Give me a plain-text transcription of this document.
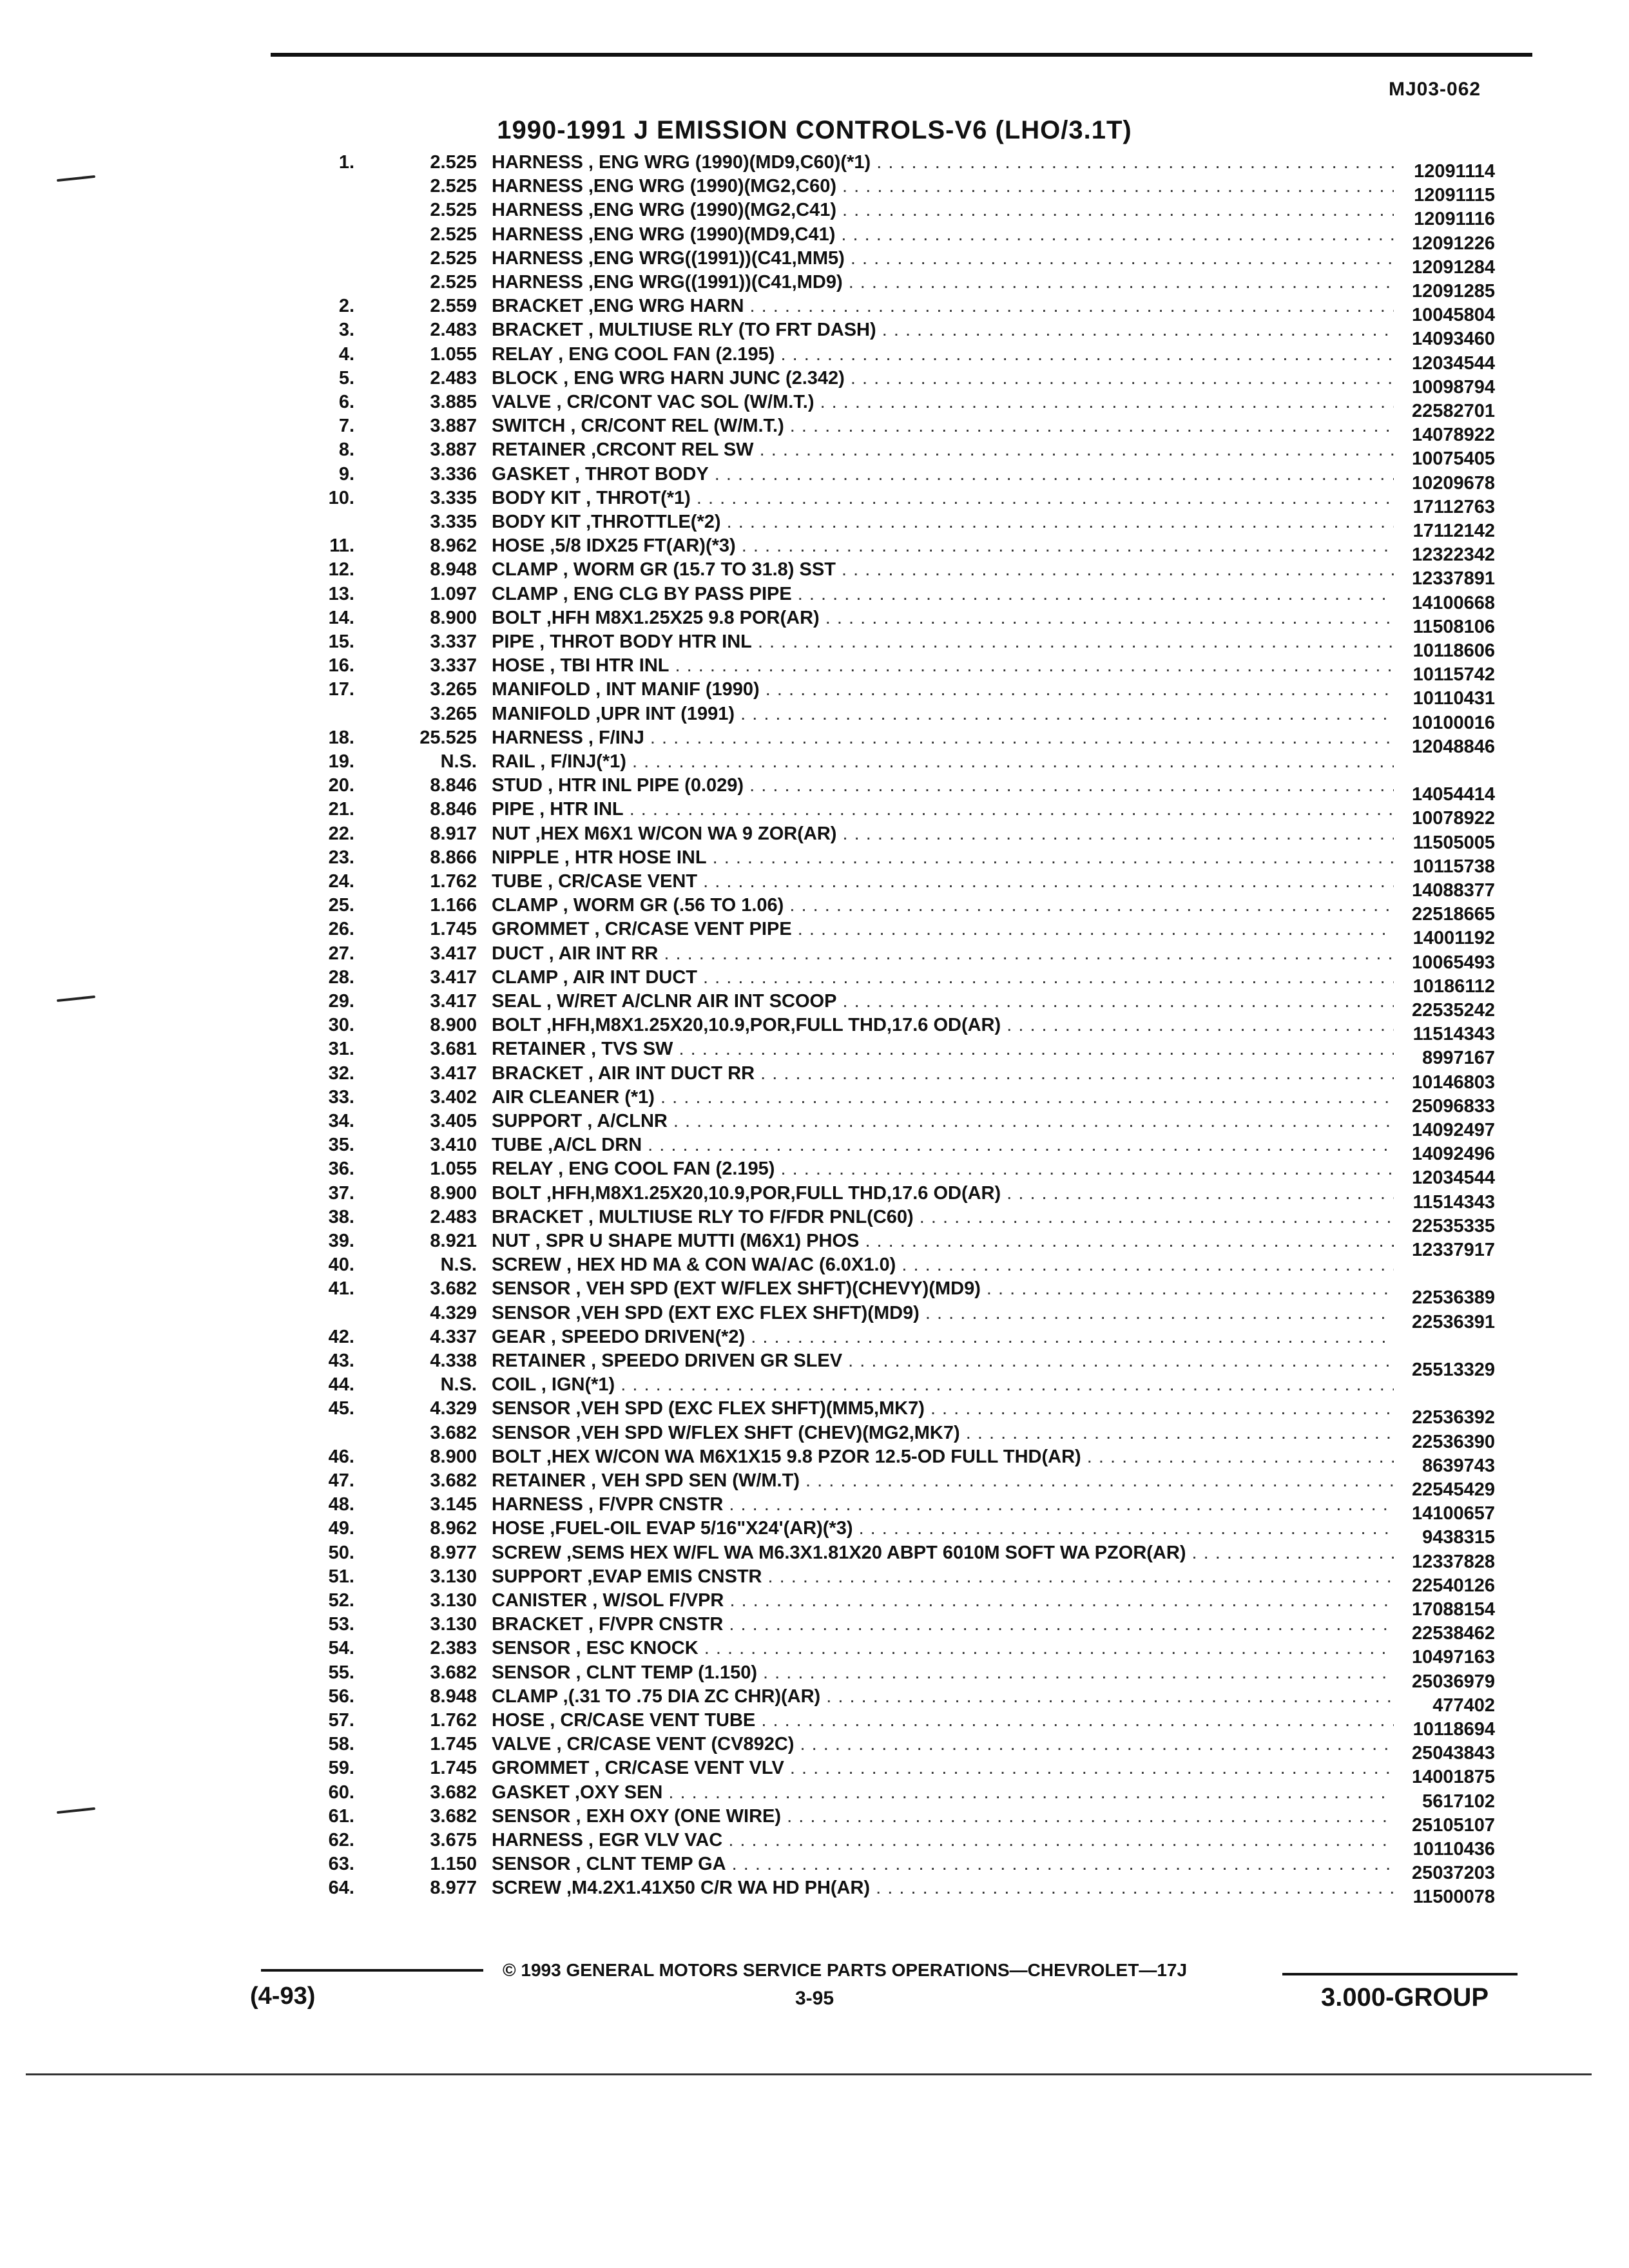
MJ03-062
1990-1991 J EMISSION CONTROLS-V6 (LHO/3.1T)
1.	2.525 HARNESS , ENG WRG (1990)(MD9,C60)(*1) . . .	12091114
2.525 HARNESS ,ENG WRG (1990)(MG2,C60) . . .	12091115
2.525 HARNESS ,ENG WRG (1990)(MG2,C41) . . .	12091116
2.525 HARNESS ,ENG WRG (1990)(MD9,C41) . . .	12091226
2.525 HARNESS ,ENG WRG((1991))(C41,MM5) . . .	12091284
2.525 HARNESS ,ENG WRG((1991))(C41,MD9) . . .	12091285
2.	2.559 BRACKET ,ENG WRG HARN . . .	10045804
3.	2.483 BRACKET , MULTIUSE RLY (TO FRT DASH) . . .	14093460
4.	1.055 RELAY , ENG COOL FAN (2.195) . . .	12034544
5.	2.483 BLOCK , ENG WRG HARN JUNC (2.342) . . .	10098794
6.	3.885 VALVE , CR/CONT VAC SOL (W/M.T.) . . .	22582701
7.	3.887 SWITCH , CR/CONT REL (W/M.T.) . . .	14078922
8.	3.887 RETAINER ,CRCONT REL SW . . .	10075405
9.	3.336 GASKET , THROT BODY . . .	10209678
10.	3.335 BODY KIT , THROT(*1) . . .	17112763
3.335 BODY KIT ,THROTTLE(*2) . . .	17112142
11.	8.962 HOSE ,5/8 IDX25 FT(AR)(*3) . . .	12322342
12.	8.948 CLAMP , WORM GR (15.7 TO 31.8) SST . . .	12337891
13.	1.097 CLAMP , ENG CLG BY PASS PIPE . . .	14100668
14.	8.900 BOLT ,HFH M8X1.25X25 9.8 POR(AR) . . .	11508106
15.	3.337 PIPE , THROT BODY HTR INL . . .	10118606
16.	3.337 HOSE , TBI HTR INL . . .	10115742
17.	3.265 MANIFOLD , INT MANIF (1990) . . .	10110431
3.265 MANIFOLD ,UPR INT (1991) . . .	10100016
18.	25.525 HARNESS , F/INJ . . .	12048846
19.	N.S. RAIL , F/INJ(*1) . . .
20.	8.846 STUD , HTR INL PIPE (0.029) . . .	14054414
21.	8.846 PIPE , HTR INL . . .	10078922
22.	8.917 NUT ,HEX M6X1 W/CON WA 9 ZOR(AR) . . .	11505005
23.	8.866 NIPPLE , HTR HOSE INL . . .	10115738
24.	1.762 TUBE , CR/CASE VENT . . .	14088377
25.	1.166 CLAMP , WORM GR (.56 TO 1.06) . . .	22518665
26.	1.745 GROMMET , CR/CASE VENT PIPE . . .	14001192
27.	3.417 DUCT , AIR INT RR . . .	10065493
28.	3.417 CLAMP , AIR INT DUCT . . .	10186112
29.	3.417 SEAL , W/RET A/CLNR AIR INT SCOOP . . .	22535242
30.	8.900 BOLT ,HFH,M8X1.25X20,10.9,POR,FULL THD,17.6 OD(AR) . . .	11514343
31.	3.681 RETAINER , TVS SW . . .	8997167
32.	3.417 BRACKET , AIR INT DUCT RR . . .	10146803
33.	3.402 AIR CLEANER (*1) . . .	25096833
34.	3.405 SUPPORT , A/CLNR . . .	14092497
35.	3.410 TUBE ,A/CL DRN . . .	14092496
36.	1.055 RELAY , ENG COOL FAN (2.195) . . .	12034544
37.	8.900 BOLT ,HFH,M8X1.25X20,10.9,POR,FULL THD,17.6 OD(AR) . . .	11514343
38.	2.483 BRACKET , MULTIUSE RLY TO F/FDR PNL(C60) . . .	22535335
39.	8.921 NUT , SPR U SHAPE MUTTI (M6X1) PHOS . . .	12337917
40.	N.S. SCREW , HEX HD MA & CON WA/AC (6.0X1.0) . . .
41.	3.682 SENSOR , VEH SPD (EXT W/FLEX SHFT)(CHEVY)(MD9) . . .	22536389
4.329 SENSOR ,VEH SPD (EXT EXC FLEX SHFT)(MD9) . . .	22536391
42.	4.337 GEAR , SPEEDO DRIVEN(*2) . . .
43.	4.338 RETAINER , SPEEDO DRIVEN GR SLEV . . .	25513329
44.	N.S. COIL , IGN(*1) . . .
45.	4.329 SENSOR ,VEH SPD (EXC FLEX SHFT)(MM5,MK7) . . .	22536392
3.682 SENSOR ,VEH SPD W/FLEX SHFT (CHEV)(MG2,MK7) . . .	22536390
46.	8.900 BOLT ,HEX W/CON WA M6X1X15 9.8 PZOR 12.5-OD FULL THD(AR) . . .	8639743
47.	3.682 RETAINER , VEH SPD SEN (W/M.T) . . .	22545429
48.	3.145 HARNESS , F/VPR CNSTR . . .	14100657
49.	8.962 HOSE ,FUEL-OIL EVAP 5/16"X24'(AR)(*3) . . .	9438315
50.	8.977 SCREW ,SEMS HEX W/FL WA M6.3X1.81X20 ABPT 6010M SOFT WA PZOR(AR) . . .	12337828
51.	3.130 SUPPORT ,EVAP EMIS CNSTR . . .	22540126
52.	3.130 CANISTER , W/SOL F/VPR . . .	17088154
53.	3.130 BRACKET , F/VPR CNSTR . . .	22538462
54.	2.383 SENSOR , ESC KNOCK . . .	10497163
55.	3.682 SENSOR , CLNT TEMP (1.150) . . .	25036979
56.	8.948 CLAMP ,(.31 TO .75 DIA ZC CHR)(AR) . . .	477402
57.	1.762 HOSE , CR/CASE VENT TUBE . . .	10118694
58.	1.745 VALVE , CR/CASE VENT (CV892C) . . .	25043843
59.	1.745 GROMMET , CR/CASE VENT VLV . . .	14001875
60.	3.682 GASKET ,OXY SEN . . .	5617102
61.	3.682 SENSOR , EXH OXY (ONE WIRE) . . .	25105107
62.	3.675 HARNESS , EGR VLV VAC . . .	10110436
63.	1.150 SENSOR , CLNT TEMP GA . . .	25037203
64.	8.977 SCREW ,M4.2X1.41X50 C/R WA HD PH(AR) . . .	11500078
(4-93)
© 1993 GENERAL MOTORS SERVICE PARTS OPERATIONS—CHEVROLET—17J
3-95	3.000-GROUP
